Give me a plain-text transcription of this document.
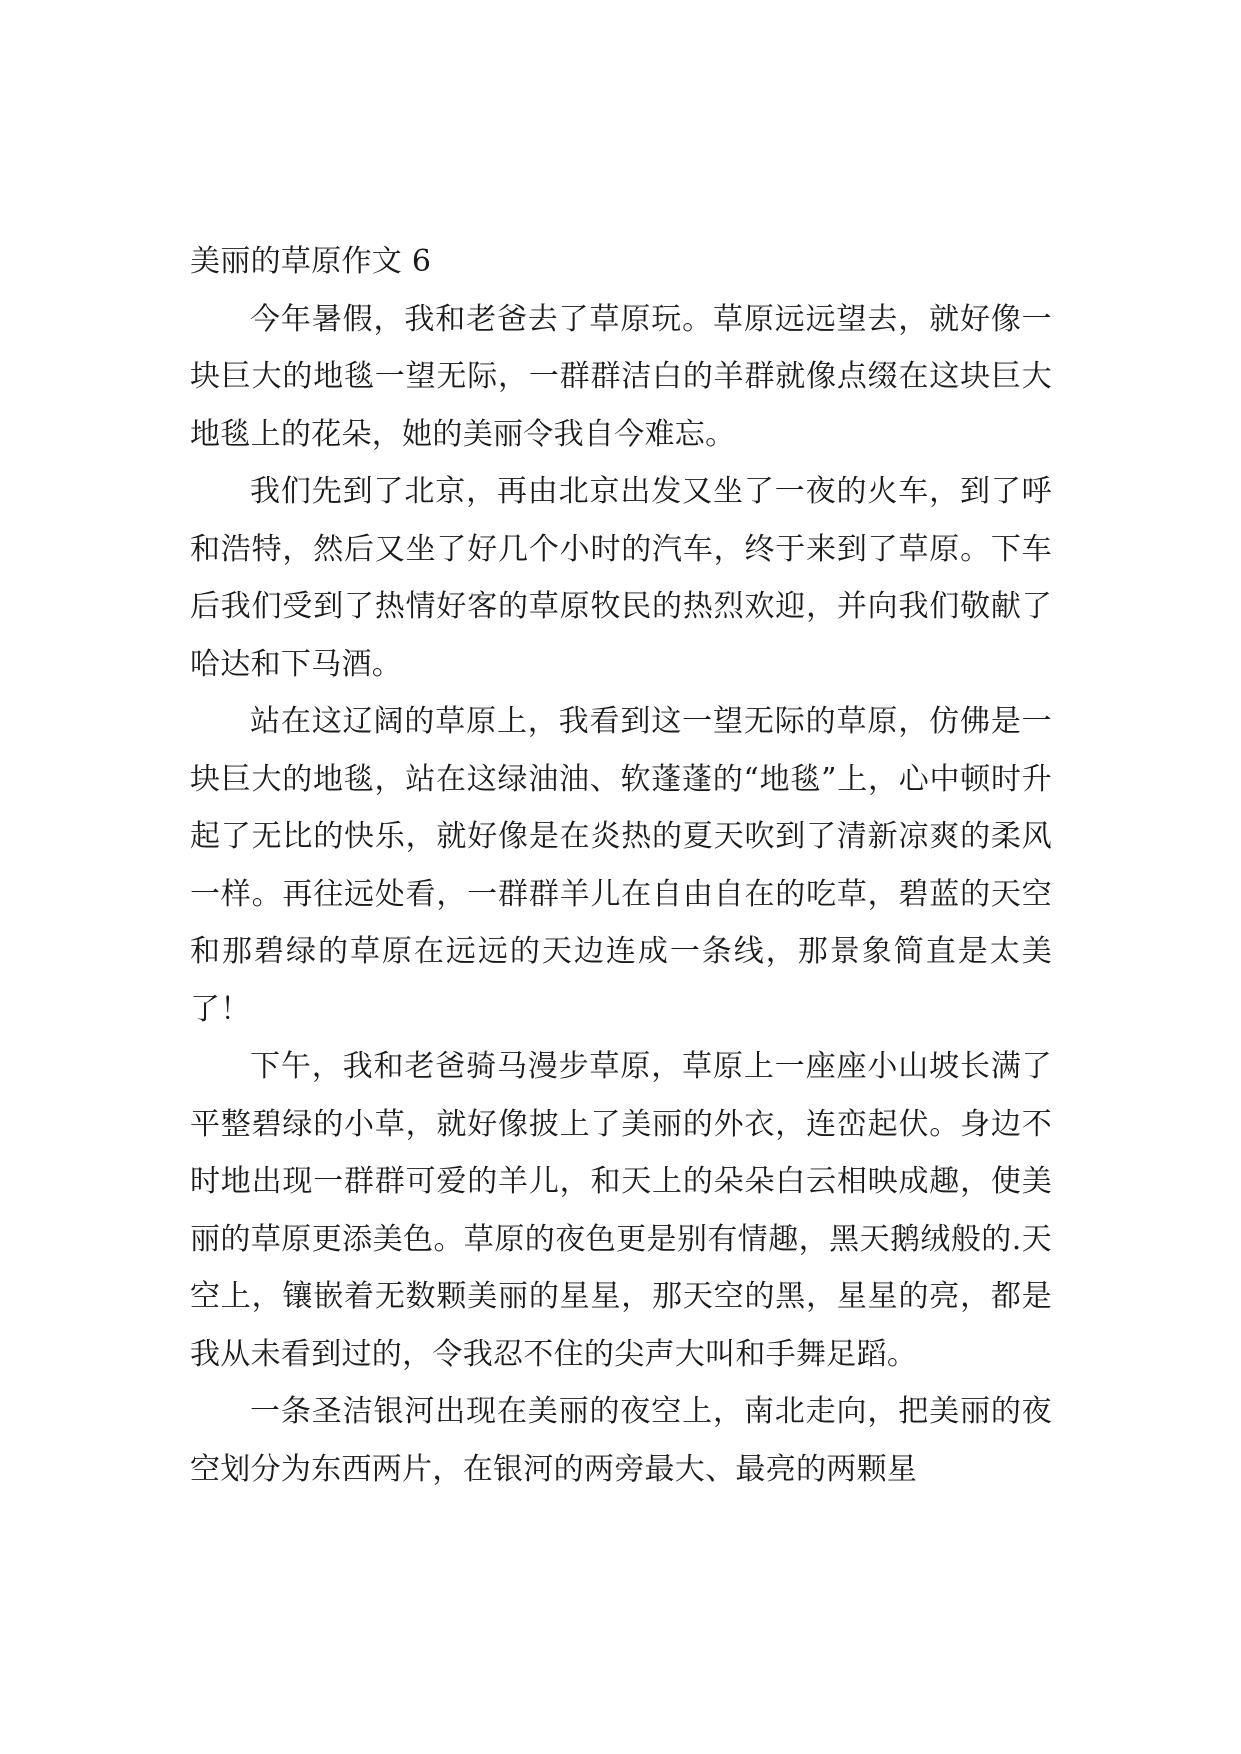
美丽的草原作文 6

今年暑假，我和老爸去了草原玩。草原远远望去，就好像一块巨大的地毯一望无际，一群群洁白的羊群就像点缀在这块巨大地毯上的花朵，她的美丽令我自今难忘。

我们先到了北京，再由北京出发又坐了一夜的火车，到了呼和浩特，然后又坐了好几个小时的汽车，终于来到了草原。下车后我们受到了热情好客的草原牧民的热烈欢迎，并向我们敬献了哈达和下马酒。

站在这辽阔的草原上，我看到这一望无际的草原，仿佛是一块巨大的地毯，站在这绿油油、软蓬蓬的“地毯”上，心中顿时升起了无比的快乐，就好像是在炎热的夏天吹到了清新凉爽的柔风一样。再往远处看，一群群羊儿在自由自在的吃草，碧蓝的天空和那碧绿的草原在远远的天边连成一条线，那景象简直是太美了！

下午，我和老爸骑马漫步草原，草原上一座座小山坡长满了平整碧绿的小草，就好像披上了美丽的外衣，连峦起伏。身边不时地出现一群群可爱的羊儿，和天上的朵朵白云相映成趣，使美丽的草原更添美色。草原的夜色更是别有情趣，黑天鹅绒般的.天空上，镶嵌着无数颗美丽的星星，那天空的黑，星星的亮，都是我从未看到过的，令我忍不住的尖声大叫和手舞足蹈。

一条圣洁银河出现在美丽的夜空上，南北走向，把美丽的夜空划分为东西两片，在银河的两旁最大、最亮的两颗星
